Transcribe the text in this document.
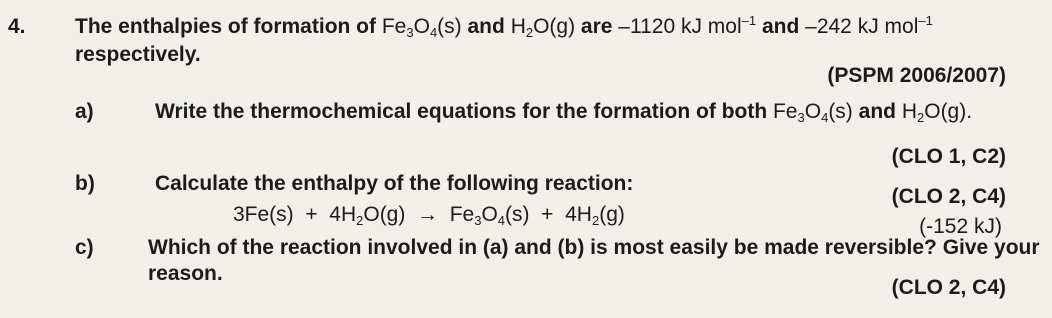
4. The enthalpies of formation of $Fe_3O_4(s)$ and $H_2O(g)$ are –1120 kJ mol$^{-1}$ and –242 kJ mol$^{-1}$
respectively.
(PSPM 2006/2007)
a)	Write the thermochemical equations for the formation of both $Fe_3O_4(s)$ and $H_2O(g)$.
(CLO 1, C2)
b)	Calculate the enthalpy of the following reaction:
(CLO 2, C4)
$3Fe(s) + 4H_2O(g) \to Fe_3O_4(s) + 4H_2(g)$
(-152 kJ)
c)	Which of the reaction involved in (a) and (b) is most easily be made reversible? Give your
reason.
(CLO 2, C4)
